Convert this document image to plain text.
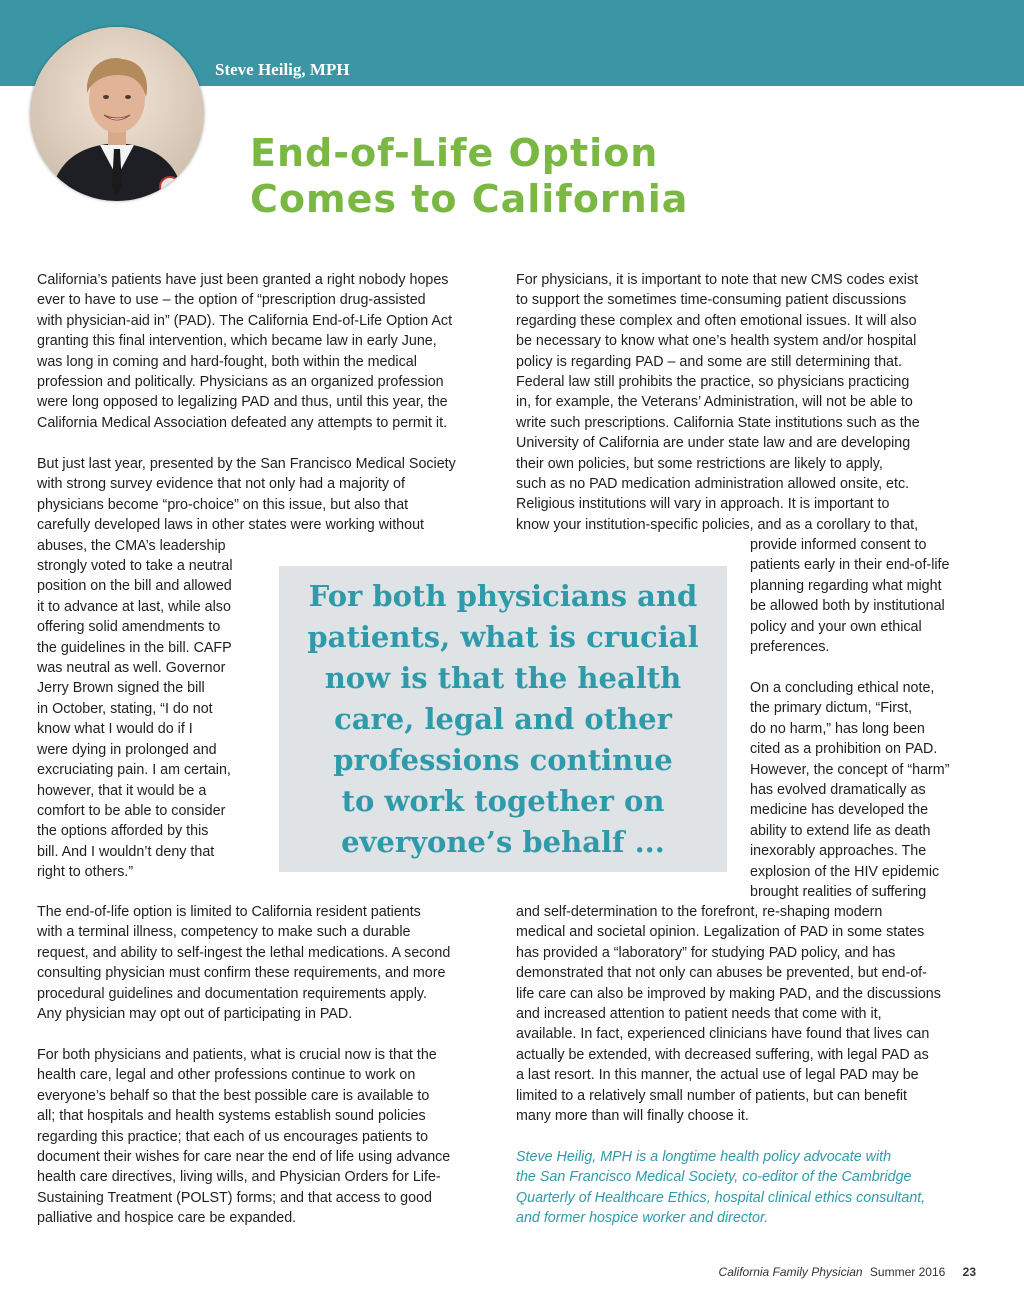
Steve Heilig, MPH
End-of-Life Option
Comes to California
California’s patients have just been granted a right nobody hopes
ever to have to use – the option of “prescription drug-assisted
with physician-aid in” (PAD). The California End-of-Life Option Act
granting this final intervention, which became law in early June,
was long in coming and hard-fought, both within the medical
profession and politically. Physicians as an organized profession
were long opposed to legalizing PAD and thus, until this year, the
California Medical Association defeated any attempts to permit it.
But just last year, presented by the San Francisco Medical Society
with strong survey evidence that not only had a majority of
physicians become “pro-choice” on this issue, but also that
carefully developed laws in other states were working without
abuses, the CMA’s leadership
strongly voted to take a neutral
position on the bill and allowed
it to advance at last, while also
offering solid amendments to
the guidelines in the bill. CAFP
was neutral as well. Governor
Jerry Brown signed the bill
in October, stating, “I do not
know what I would do if I
were dying in prolonged and
excruciating pain. I am certain,
however, that it would be a
comfort to be able to consider
the options afforded by this
bill. And I wouldn’t deny that
right to others.”
The end-of-life option is limited to California resident patients
with a terminal illness, competency to make such a durable
request, and ability to self-ingest the lethal medications. A second
consulting physician must confirm these requirements, and more
procedural guidelines and documentation requirements apply.
Any physician may opt out of participating in PAD.
For both physicians and patients, what is crucial now is that the
health care, legal and other professions continue to work on
everyone’s behalf so that the best possible care is available to
all; that hospitals and health systems establish sound policies
regarding this practice; that each of us encourages patients to
document their wishes for care near the end of life using advance
health care directives, living wills, and Physician Orders for Life-
Sustaining Treatment (POLST) forms; and that access to good
palliative and hospice care be expanded.
For physicians, it is important to note that new CMS codes exist
to support the sometimes time-consuming patient discussions
regarding these complex and often emotional issues. It will also
be necessary to know what one’s health system and/or hospital
policy is regarding PAD – and some are still determining that.
Federal law still prohibits the practice, so physicians practicing
in, for example, the Veterans’ Administration, will not be able to
write such prescriptions. California State institutions such as the
University of California are under state law and are developing
their own policies, but some restrictions are likely to apply,
such as no PAD medication administration allowed onsite, etc.
Religious institutions will vary in approach. It is important to
know your institution-specific policies, and as a corollary to that,
provide informed consent to
patients early in their end-of-life
planning regarding what might
be allowed both by institutional
policy and your own ethical
preferences.
On a concluding ethical note,
the primary dictum, “First,
do no harm,” has long been
cited as a prohibition on PAD.
However, the concept of “harm”
has evolved dramatically as
medicine has developed the
ability to extend life as death
inexorably approaches. The
explosion of the HIV epidemic
brought realities of suffering
and self-determination to the forefront, re-shaping modern
medical and societal opinion. Legalization of PAD in some states
has provided a “laboratory” for studying PAD policy, and has
demonstrated that not only can abuses be prevented, but end-of-
life care can also be improved by making PAD, and the discussions
and increased attention to patient needs that come with it,
available. In fact, experienced clinicians have found that lives can
actually be extended, with decreased suffering, with legal PAD as
a last resort. In this manner, the actual use of legal PAD may be
limited to a relatively small number of patients, but can benefit
many more than will finally choose it.
Steve Heilig, MPH is a longtime health policy advocate with
the San Francisco Medical Society, co-editor of the Cambridge
Quarterly of Healthcare Ethics, hospital clinical ethics consultant,
and former hospice worker and director.
For both physicians and
patients, what is crucial
now is that the health
care, legal and other
professions continue
to work together on
everyone’s behalf ...
California Family Physician Summer 2016 23
